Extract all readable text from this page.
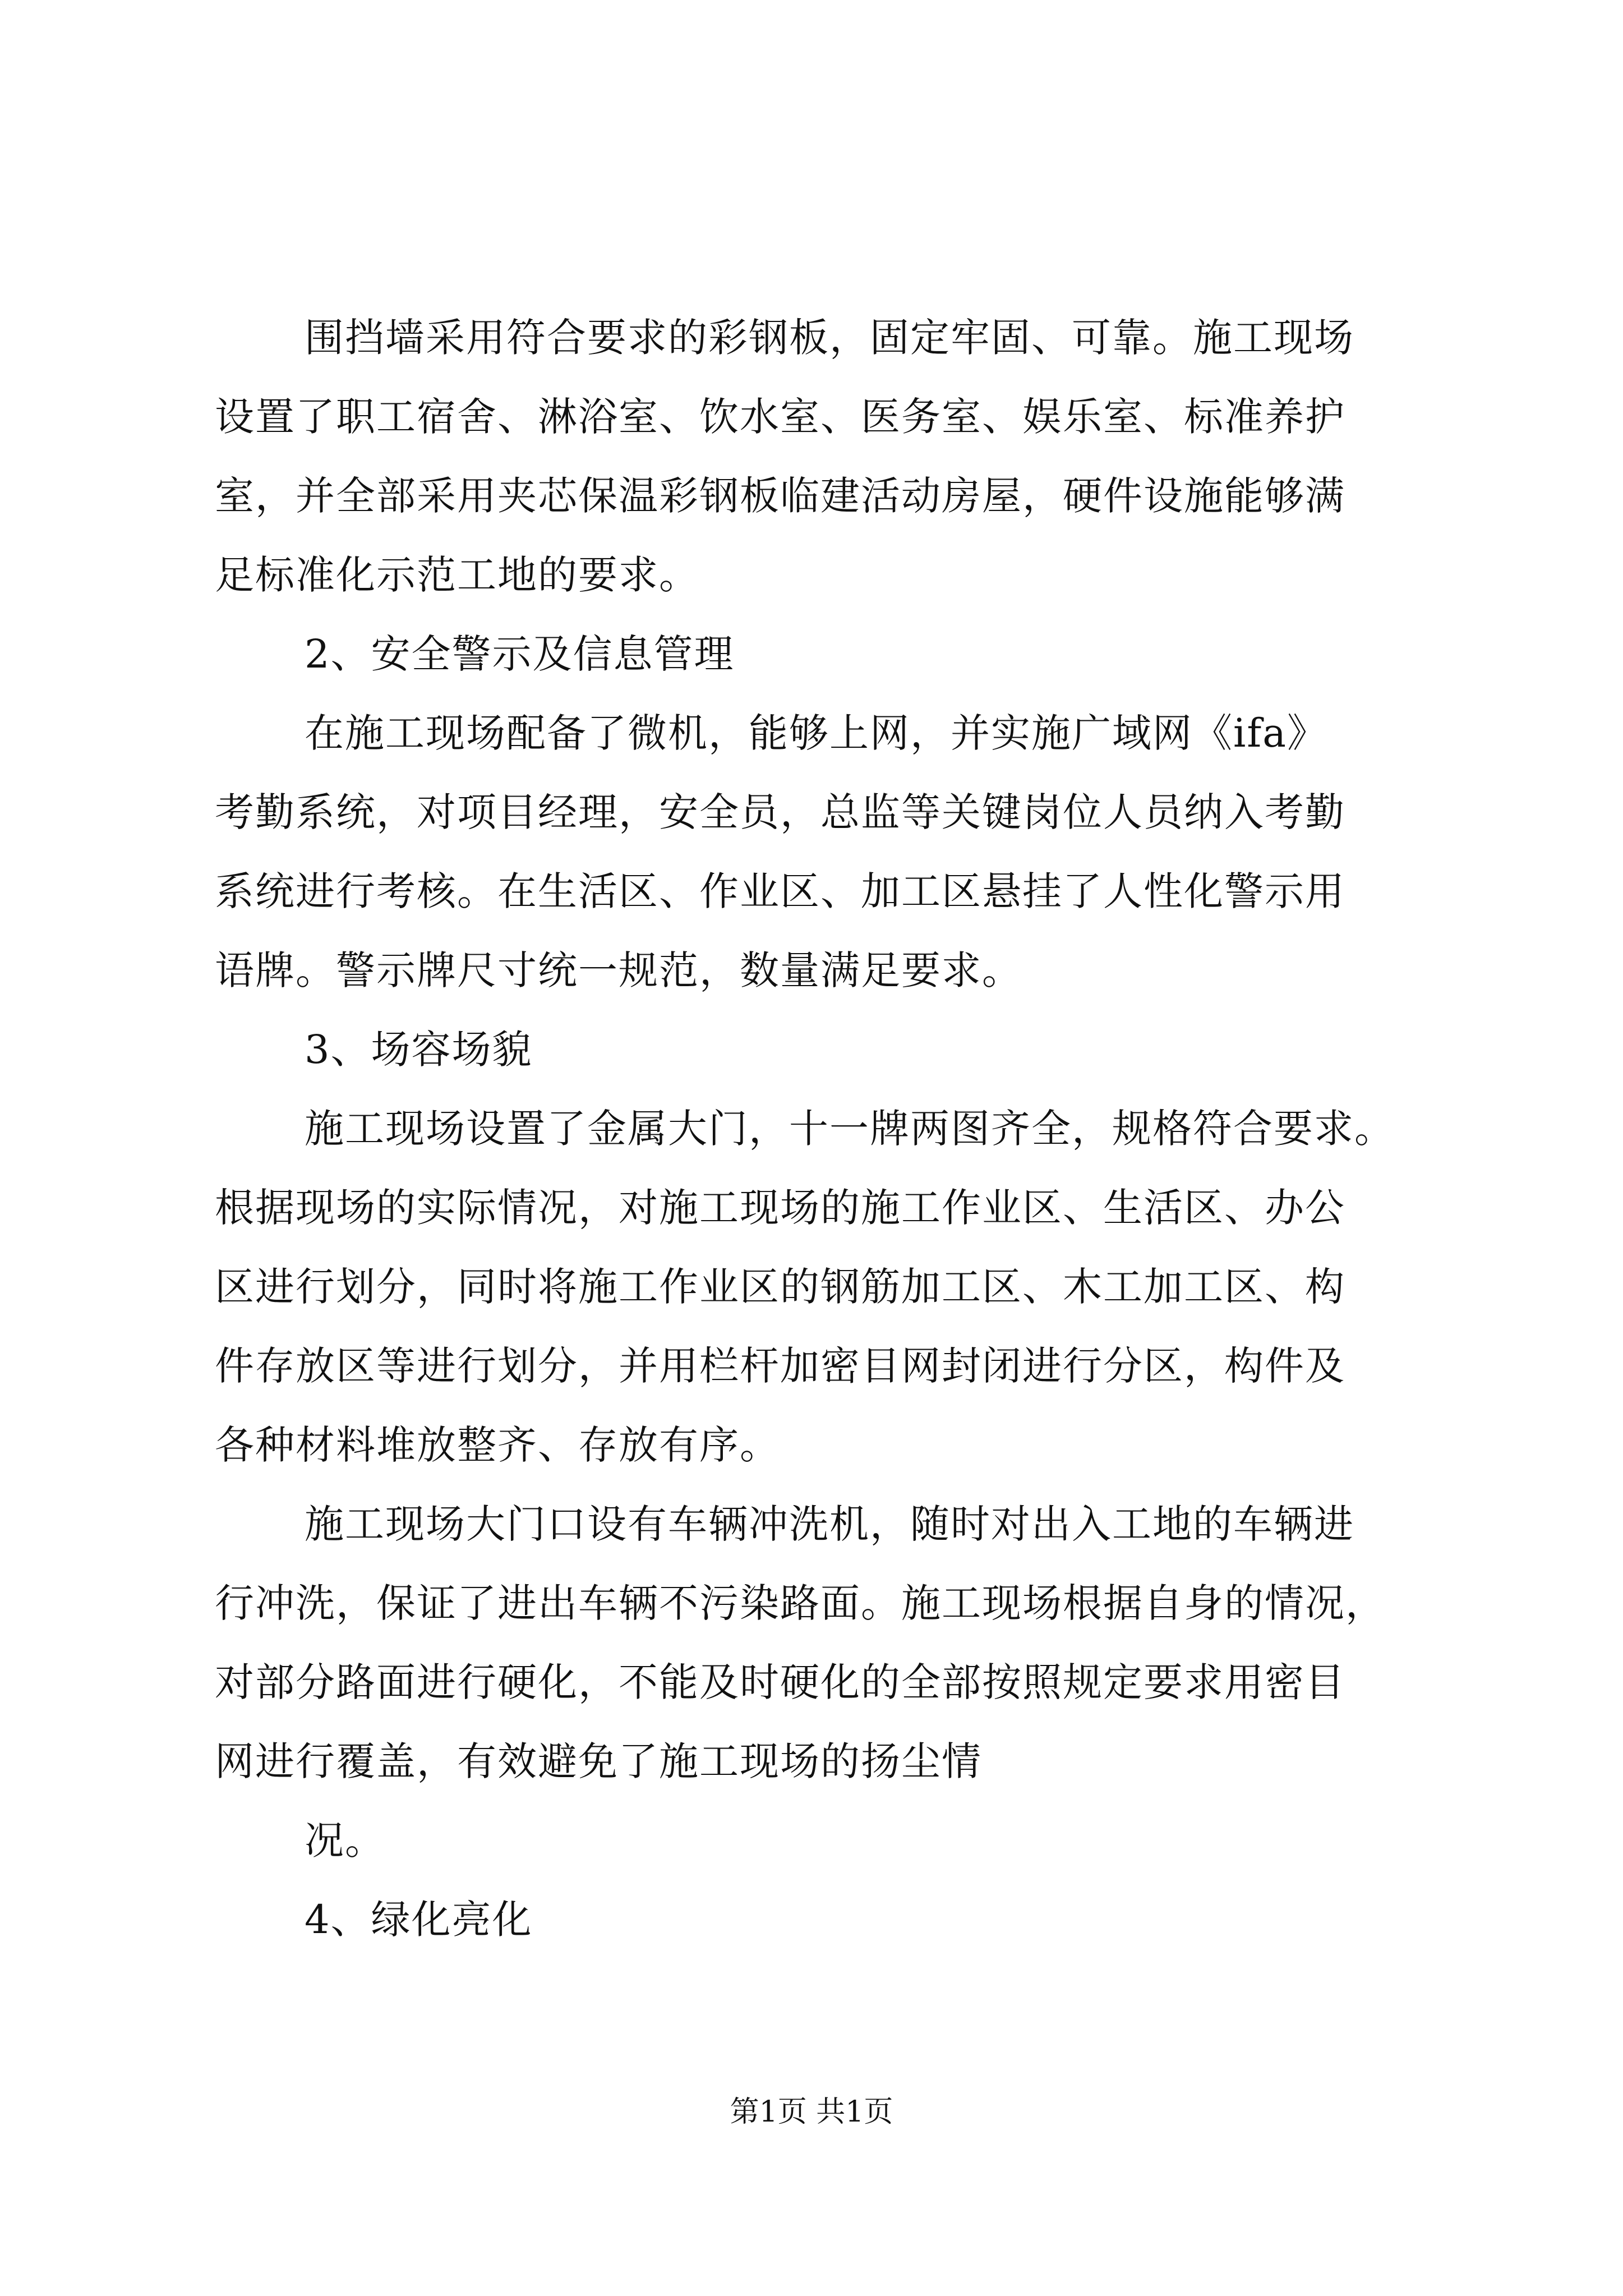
围挡墙采用符合要求的彩钢板，固定牢固、可靠。施工现场
设置了职工宿舍、淋浴室、饮水室、医务室、娱乐室、标准养护
室，并全部采用夹芯保温彩钢板临建活动房屋，硬件设施能够满
足标准化示范工地的要求。
2、安全警示及信息管理
在施工现场配备了微机，能够上网，并实施广域网《ifa》
考勤系统，对项目经理，安全员，总监等关键岗位人员纳入考勤
系统进行考核。在生活区、作业区、加工区悬挂了人性化警示用
语牌。警示牌尺寸统一规范，数量满足要求。
3、场容场貌
施工现场设置了金属大门，十一牌两图齐全，规格符合要求。
根据现场的实际情况，对施工现场的施工作业区、生活区、办公
区进行划分，同时将施工作业区的钢筋加工区、木工加工区、构
件存放区等进行划分，并用栏杆加密目网封闭进行分区，构件及
各种材料堆放整齐、存放有序。
施工现场大门口设有车辆冲洗机，随时对出入工地的车辆进
行冲洗，保证了进出车辆不污染路面。施工现场根据自身的情况，
对部分路面进行硬化，不能及时硬化的全部按照规定要求用密目
网进行覆盖，有效避免了施工现场的扬尘情
况。
4、绿化亮化
第1页 共1页
